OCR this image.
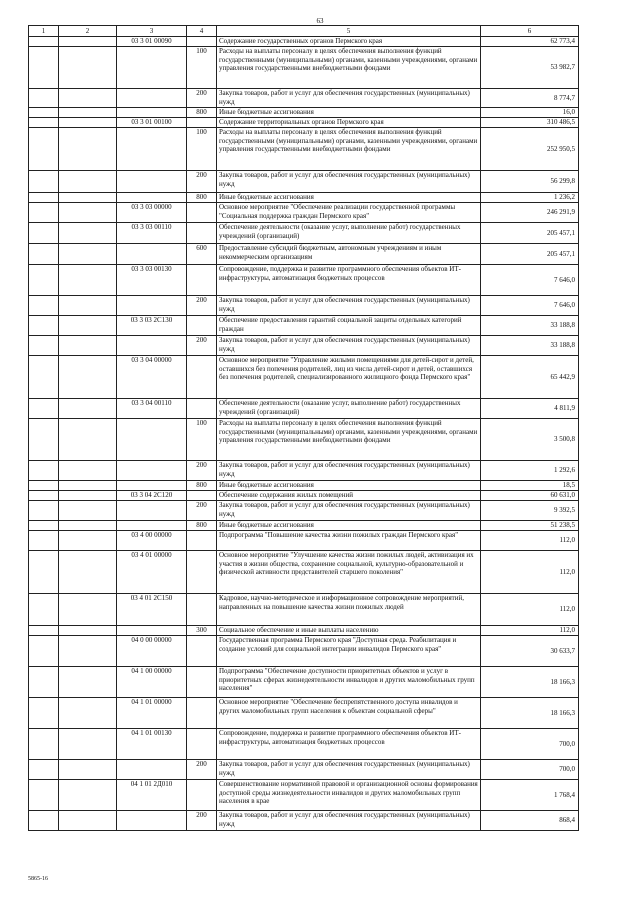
63
1	2	3	4	5	6
		03 3 01 00090		Содержание государственных органов Пермского края	62 773,4
			100	Расходы на выплаты персоналу в целях обеспечения выполнения функций государственными (муниципальными) органами, казенными учреждениями, органами управления государственными внебюджетными фондами	53 982,7
			200	Закупка товаров, работ и услуг для обеспечения государственных (муниципальных) нужд	8 774,7
			800	Иные бюджетные ассигнования	16,0
		03 3 01 00100		Содержание территориальных органов Пермского края	310 486,5
			100	Расходы на выплаты персоналу в целях обеспечения выполнения функций государственными (муниципальными) органами, казенными учреждениями, органами управления государственными внебюджетными фондами	252 950,5
			200	Закупка товаров, работ и услуг для обеспечения государственных (муниципальных) нужд	56 299,8
			800	Иные бюджетные ассигнования	1 236,2
		03 3 03 00000		Основное мероприятие "Обеспечение реализации государственной программы "Социальная поддержка граждан Пермского края"	246 291,9
		03 3 03 00110		Обеспечение деятельности (оказание услуг, выполнение работ) государственных учреждений (организаций)	205 457,1
			600	Предоставление субсидий бюджетным, автономным учреждениям и иным некоммерческим организациям	205 457,1
		03 3 03 00130		Сопровождение, поддержка и развитие программного обеспечения объектов ИТ-инфраструктуры, автоматизация бюджетных процессов	7 646,0
			200	Закупка товаров, работ и услуг для обеспечения государственных (муниципальных) нужд	7 646,0
		03 3 03 2C130		Обеспечение предоставления гарантий социальной защиты отдельных категорий граждан	33 188,8
			200	Закупка товаров, работ и услуг для обеспечения государственных (муниципальных) нужд	33 188,8
		03 3 04 00000		Основное мероприятие "Управление жилыми помещениями для детей-сирот и детей, оставшихся без попечения родителей, лиц из числа детей-сирот и детей, оставшихся без попечения родителей, специализированного жилищного фонда Пермского края"	65 442,9
		03 3 04 00110		Обеспечение деятельности (оказание услуг, выполнение работ) государственных учреждений (организаций)	4 811,9
			100	Расходы на выплаты персоналу в целях обеспечения выполнения функций государственными (муниципальными) органами, казенными учреждениями, органами управления государственными внебюджетными фондами	3 500,8
			200	Закупка товаров, работ и услуг для обеспечения государственных (муниципальных) нужд	1 292,6
			800	Иные бюджетные ассигнования	18,5
		03 3 04 2C120		Обеспечение содержания жилых помещений	60 631,0
			200	Закупка товаров, работ и услуг для обеспечения государственных (муниципальных) нужд	9 392,5
			800	Иные бюджетные ассигнования	51 238,5
		03 4 00 00000		Подпрограмма "Повышение качества жизни пожилых граждан Пермского края"	112,0
		03 4 01 00000		Основное мероприятие "Улучшение качества жизни пожилых людей, активизация их участия в жизни общества, сохранение социальной, культурно-образовательной и физической активности представителей старшего поколения"	112,0
		03 4 01 2C150		Кадровое, научно-методическое и информационное сопровождение мероприятий, направленных на повышение качества жизни пожилых людей	112,0
			300	Социальное обеспечение и иные выплаты населению	112,0
		04 0 00 00000		Государственная программа Пермского края "Доступная среда. Реабилитация и создание условий для социальной интеграции инвалидов Пермского края"	30 633,7
		04 1 00 00000		Подпрограмма "Обеспечение доступности приоритетных объектов и услуг в приоритетных сферах жизнедеятельности инвалидов и других маломобильных групп населения"	18 166,3
		04 1 01 00000		Основное мероприятие "Обеспечение беспрепятственного доступа инвалидов и других маломобильных групп населения к объектам социальной сферы"	18 166,3
		04 1 01 00130		Сопровождение, поддержка и развитие программного обеспечения объектов ИТ-инфраструктуры, автоматизация бюджетных процессов	700,0
			200	Закупка товаров, работ и услуг для обеспечения государственных (муниципальных) нужд	700,0
		04 1 01 2Д010		Совершенствование нормативной правовой и организационной основы формирования доступной среды жизнедеятельности инвалидов и других маломобильных групп населения в крае	1 768,4
			200	Закупка товаров, работ и услуг для обеспечения государственных (муниципальных) нужд	868,4
5865-16
